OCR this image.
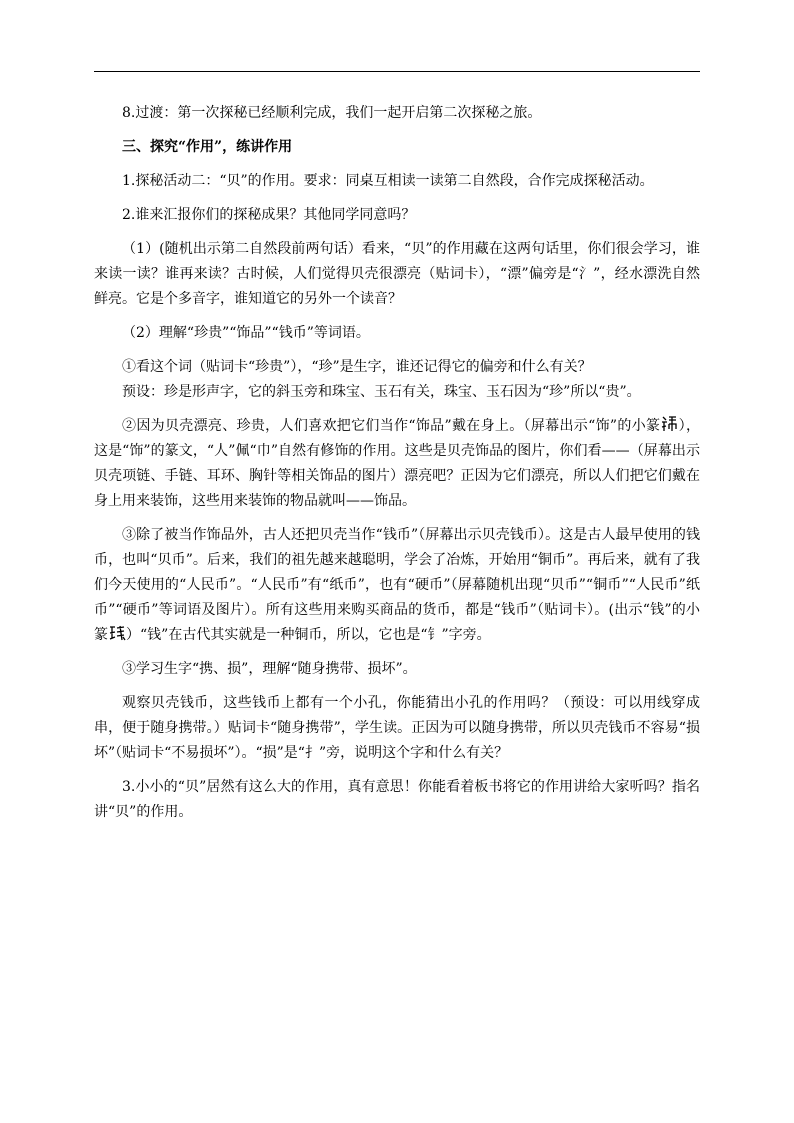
8.过渡：第一次探秘已经顺利完成，我们一起开启第二次探秘之旅。

三、探究“作用”，练讲作用

1.探秘活动二：“贝”的作用。要求：同桌互相读一读第二自然段，合作完成探秘活动。

2.谁来汇报你们的探秘成果？其他同学同意吗？

（1）(随机出示第二自然段前两句话）看来，“贝”的作用藏在这两句话里，你们很会学习，谁来读一读？谁再来读？古时候，人们觉得贝壳很漂亮（贴词卡），“漂”偏旁是“氵”，经水漂洗自然鲜亮。它是个多音字，谁知道它的另外一个读音？

（2）理解“珍贵”“饰品”“钱币”等词语。

①看这个词（贴词卡“珍贵”），“珍”是生字，谁还记得它的偏旁和什么有关？

预设：珍是形声字，它的斜玉旁和珠宝、玉石有关，珠宝、玉石因为“珍”所以“贵”。

②因为贝壳漂亮、珍贵，人们喜欢把它们当作“饰品”戴在身上。（屏幕出示“饰”的小篆 ），这是“饰”的篆文，“人”佩“巾”自然有修饰的作用。这些是贝壳饰品的图片，你们看——（屏幕出示贝壳项链、手链、耳环、胸针等相关饰品的图片）漂亮吧？正因为它们漂亮，所以人们把它们戴在身上用来装饰，这些用来装饰的物品就叫——饰品。

③除了被当作饰品外，古人还把贝壳当作“钱币”（屏幕出示贝壳钱币）。这是古人最早使用的钱币，也叫“贝币”。后来，我们的祖先越来越聪明，学会了冶炼，开始用“铜币”。再后来，就有了我们今天使用的“人民币”。“人民币”有“纸币”，也有“硬币”（屏幕随机出现“贝币”“铜币”“人民币”纸币”“硬币”等词语及图片）。所有这些用来购买商品的货币，都是“钱币”（贴词卡）。(出示“钱”的小篆 ）“钱”在古代其实就是一种铜币，所以，它也是“钅”字旁。

③学习生字“携、损”，理解“随身携带、损坏”。

观察贝壳钱币，这些钱币上都有一个小孔，你能猜出小孔的作用吗？（预设：可以用线穿成串，便于随身携带。）贴词卡“随身携带”，学生读。正因为可以随身携带，所以贝壳钱币不容易“损坏”（贴词卡“不易损坏”）。“损”是“扌”旁，说明这个字和什么有关？

3.小小的“贝”居然有这么大的作用，真有意思！你能看着板书将它的作用讲给大家听吗？指名讲“贝”的作用。
